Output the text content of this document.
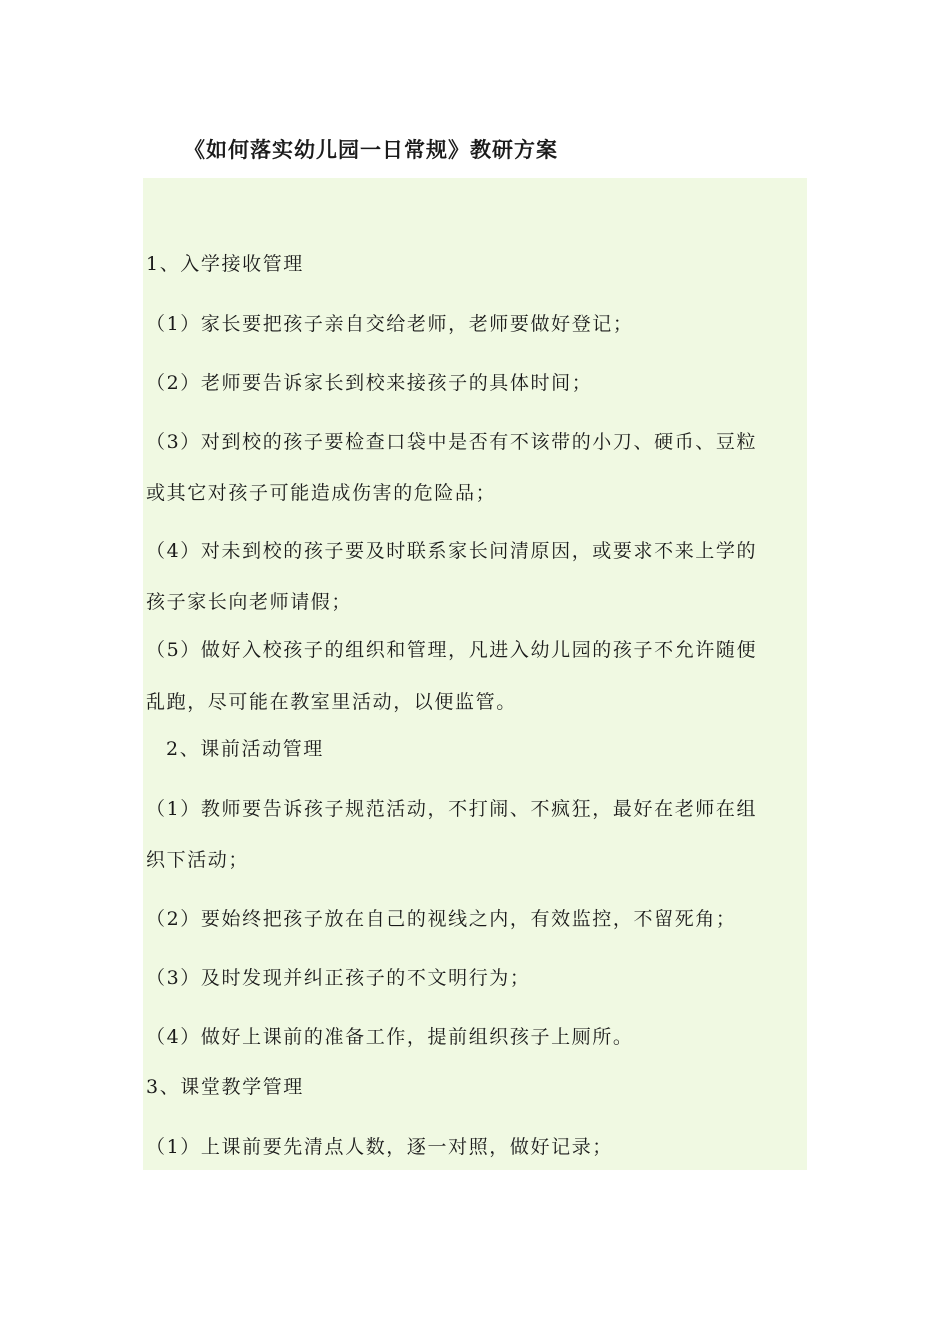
《如何落实幼儿园一日常规》教研方案
1、入学接收管理
（1）家长要把孩子亲自交给老师，老师要做好登记；
（2）老师要告诉家长到校来接孩子的具体时间；
（3）对到校的孩子要检查口袋中是否有不该带的小刀、硬币、豆粒
或其它对孩子可能造成伤害的危险品；
（4）对未到校的孩子要及时联系家长问清原因，或要求不来上学的
孩子家长向老师请假；
（5）做好入校孩子的组织和管理，凡进入幼儿园的孩子不允许随便
乱跑，尽可能在教室里活动，以便监管。
2、课前活动管理
（1）教师要告诉孩子规范活动，不打闹、不疯狂，最好在老师在组
织下活动；
（2）要始终把孩子放在自己的视线之内，有效监控，不留死角；
（3）及时发现并纠正孩子的不文明行为；
（4）做好上课前的准备工作，提前组织孩子上厕所。
3、课堂教学管理
（1）上课前要先清点人数，逐一对照，做好记录；
